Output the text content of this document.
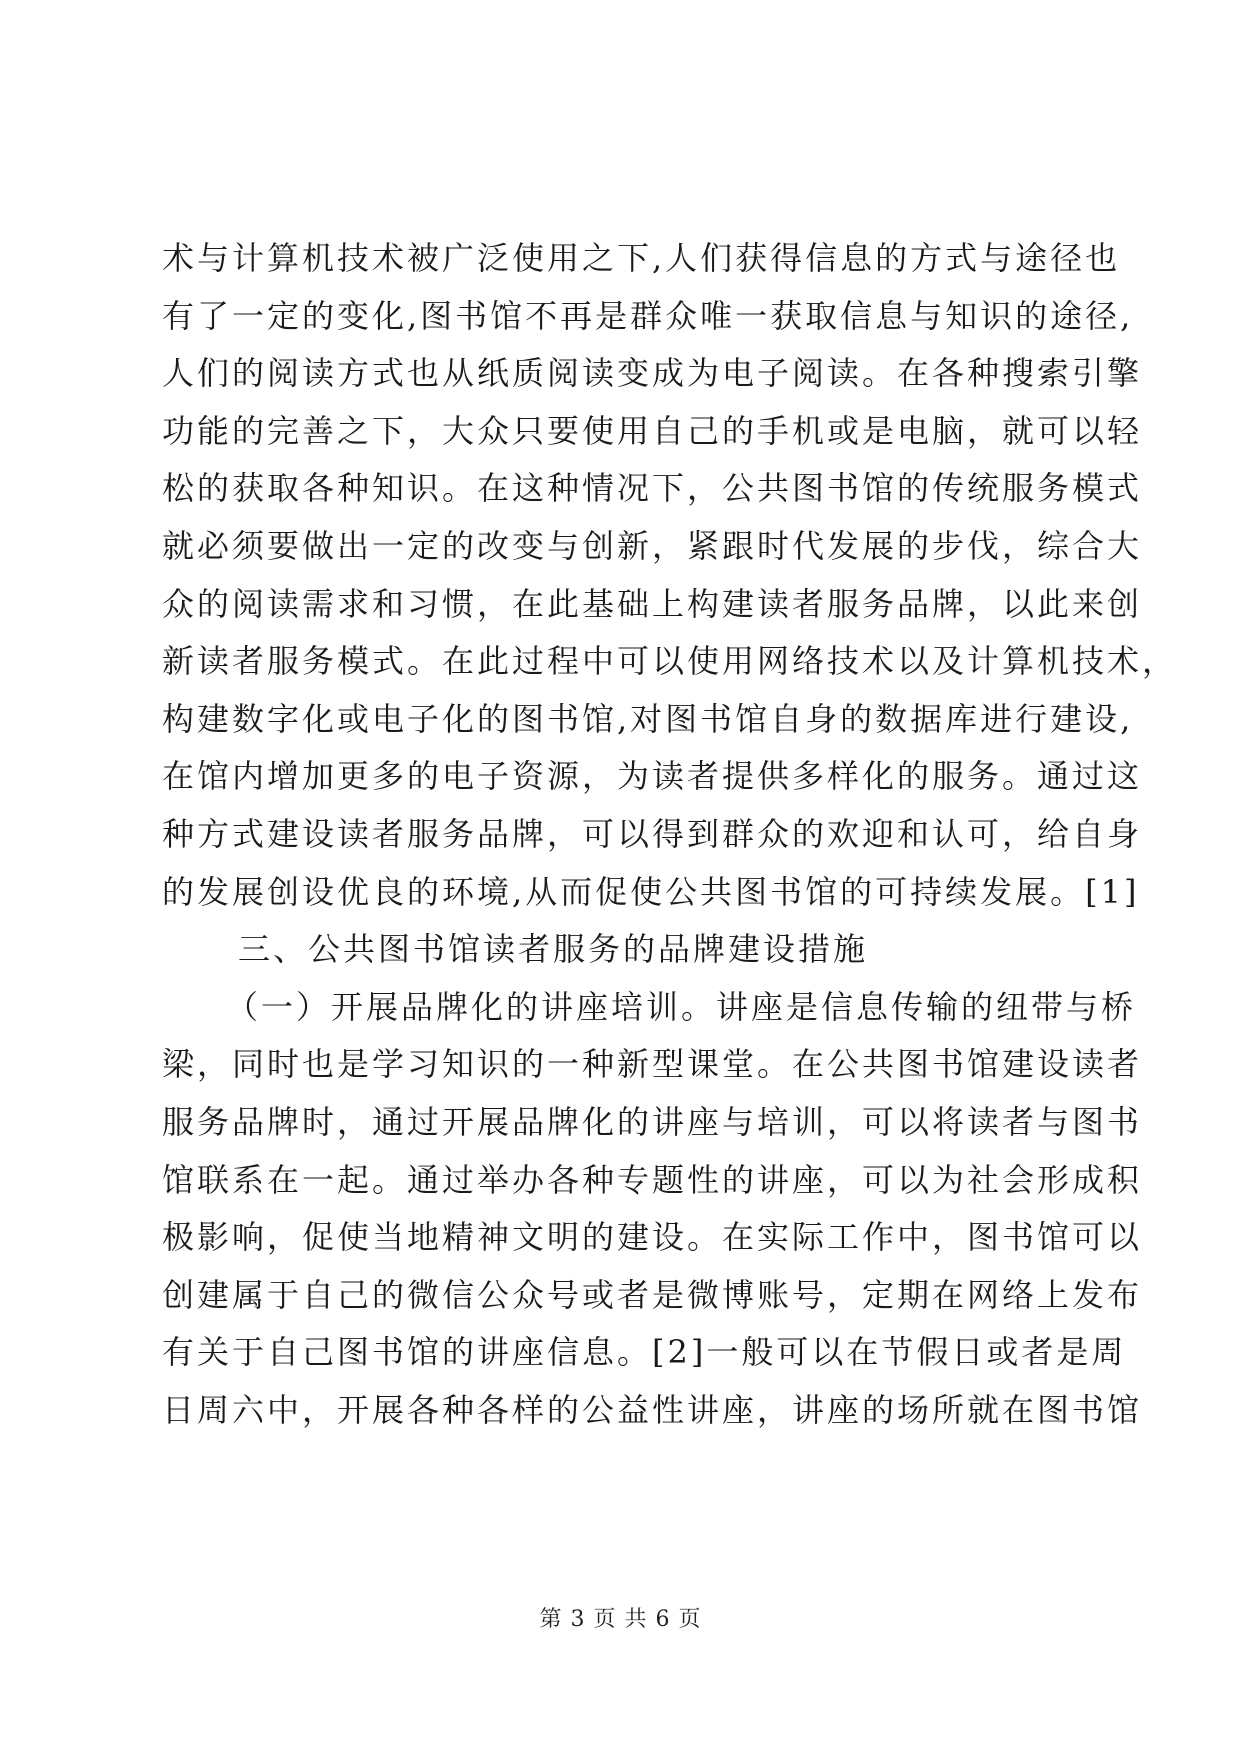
术与计算机技术被广泛使用之下,人们获得信息的方式与途径也
有了一定的变化,图书馆不再是群众唯一获取信息与知识的途径,
人们的阅读方式也从纸质阅读变成为电子阅读。在各种搜索引擎
功能的完善之下，大众只要使用自己的手机或是电脑，就可以轻
松的获取各种知识。在这种情况下，公共图书馆的传统服务模式
就必须要做出一定的改变与创新，紧跟时代发展的步伐，综合大
众的阅读需求和习惯，在此基础上构建读者服务品牌，以此来创
新读者服务模式。在此过程中可以使用网络技术以及计算机技术，
构建数字化或电子化的图书馆,对图书馆自身的数据库进行建设,
在馆内增加更多的电子资源，为读者提供多样化的服务。通过这
种方式建设读者服务品牌，可以得到群众的欢迎和认可，给自身
的发展创设优良的环境,从而促使公共图书馆的可持续发展。[1]
三、公共图书馆读者服务的品牌建设措施
（一）开展品牌化的讲座培训。讲座是信息传输的纽带与桥
梁，同时也是学习知识的一种新型课堂。在公共图书馆建设读者
服务品牌时，通过开展品牌化的讲座与培训，可以将读者与图书
馆联系在一起。通过举办各种专题性的讲座，可以为社会形成积
极影响，促使当地精神文明的建设。在实际工作中，图书馆可以
创建属于自己的微信公众号或者是微博账号，定期在网络上发布
有关于自己图书馆的讲座信息。[2]一般可以在节假日或者是周
日周六中，开展各种各样的公益性讲座，讲座的场所就在图书馆
第 3 页 共 6 页
